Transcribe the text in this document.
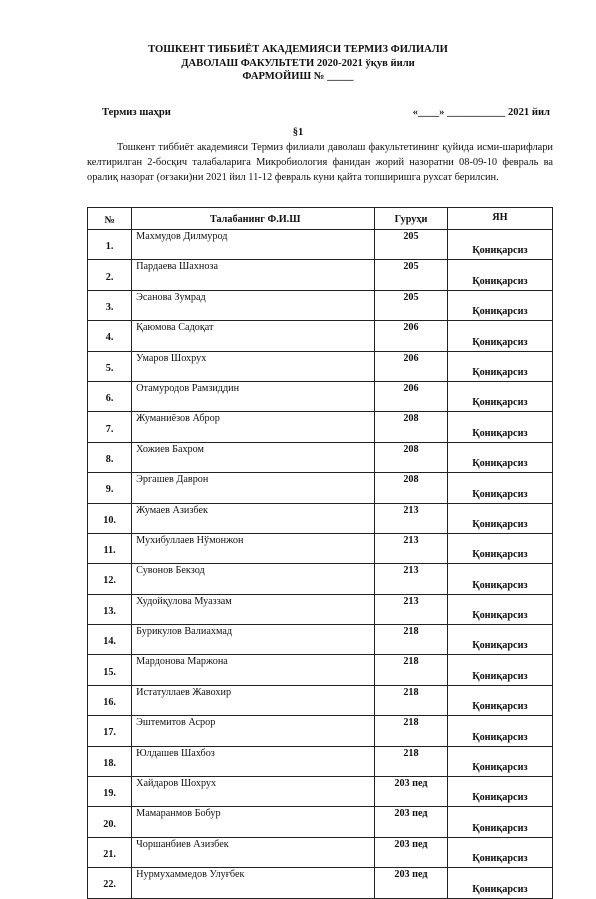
ТОШКЕНТ ТИББИЁТ АКАДЕМИЯСИ ТЕРМИЗ ФИЛИАЛИ
ДАВОЛАШ ФАКУЛЬТЕТИ 2020-2021 ўқув йили
ФАРМОЙИШ № _____
Термиз шаҳри	«____» ___________ 2021 йил
§1
Тошкент тиббиёт академияси Термиз филиали даволаш факультетининг қуйида исми-шарифлари келтирилган 2-босқич талабаларига Микробиология фанидан жорий назоратни 08-09-10 февраль ва оралиқ назорат (оғзаки)ни 2021 йил 11-12 февраль куни қайта топширишга рухсат берилсин.
№	Талабанинг Ф.И.Ш	Гуруҳи	ЯН
1.	Махмудов Дилмурод	205	Қониқарсиз
2.	Пардаева Шахноза	205	Қониқарсиз
3.	Эсанова Зумрад	205	Қониқарсиз
4.	Қаюмова Садоқат	206	Қониқарсиз
5.	Умаров Шохрух	206	Қониқарсиз
6.	Отамуродов Рамзиддин	206	Қониқарсиз
7.	Жуманиёзов Аброр	208	Қониқарсиз
8.	Хожиев Бахром	208	Қониқарсиз
9.	Эргашев Даврон	208	Қониқарсиз
10.	Жумаев Азизбек	213	Қониқарсиз
11.	Мухибуллаев Нўмонжон	213	Қониқарсиз
12.	Сувонов Бекзод	213	Қониқарсиз
13.	Худойқулова Муаззам	213	Қониқарсиз
14.	Бурикулов Валиахмад	218	Қониқарсиз
15.	Мардонова Маржона	218	Қониқарсиз
16.	Истатуллаев Жавохир	218	Қониқарсиз
17.	Эштемитов Асрор	218	Қониқарсиз
18.	Юлдашев Шахбоз	218	Қониқарсиз
19.	Хайдаров Шохрух	203 пед	Қониқарсиз
20.	Мамаранмов Бобур	203 пед	Қониқарсиз
21.	Чоршанбиев Азизбек	203 пед	Қониқарсиз
22.	Нурмухаммедов Улуғбек	203 пед	Қониқарсиз
